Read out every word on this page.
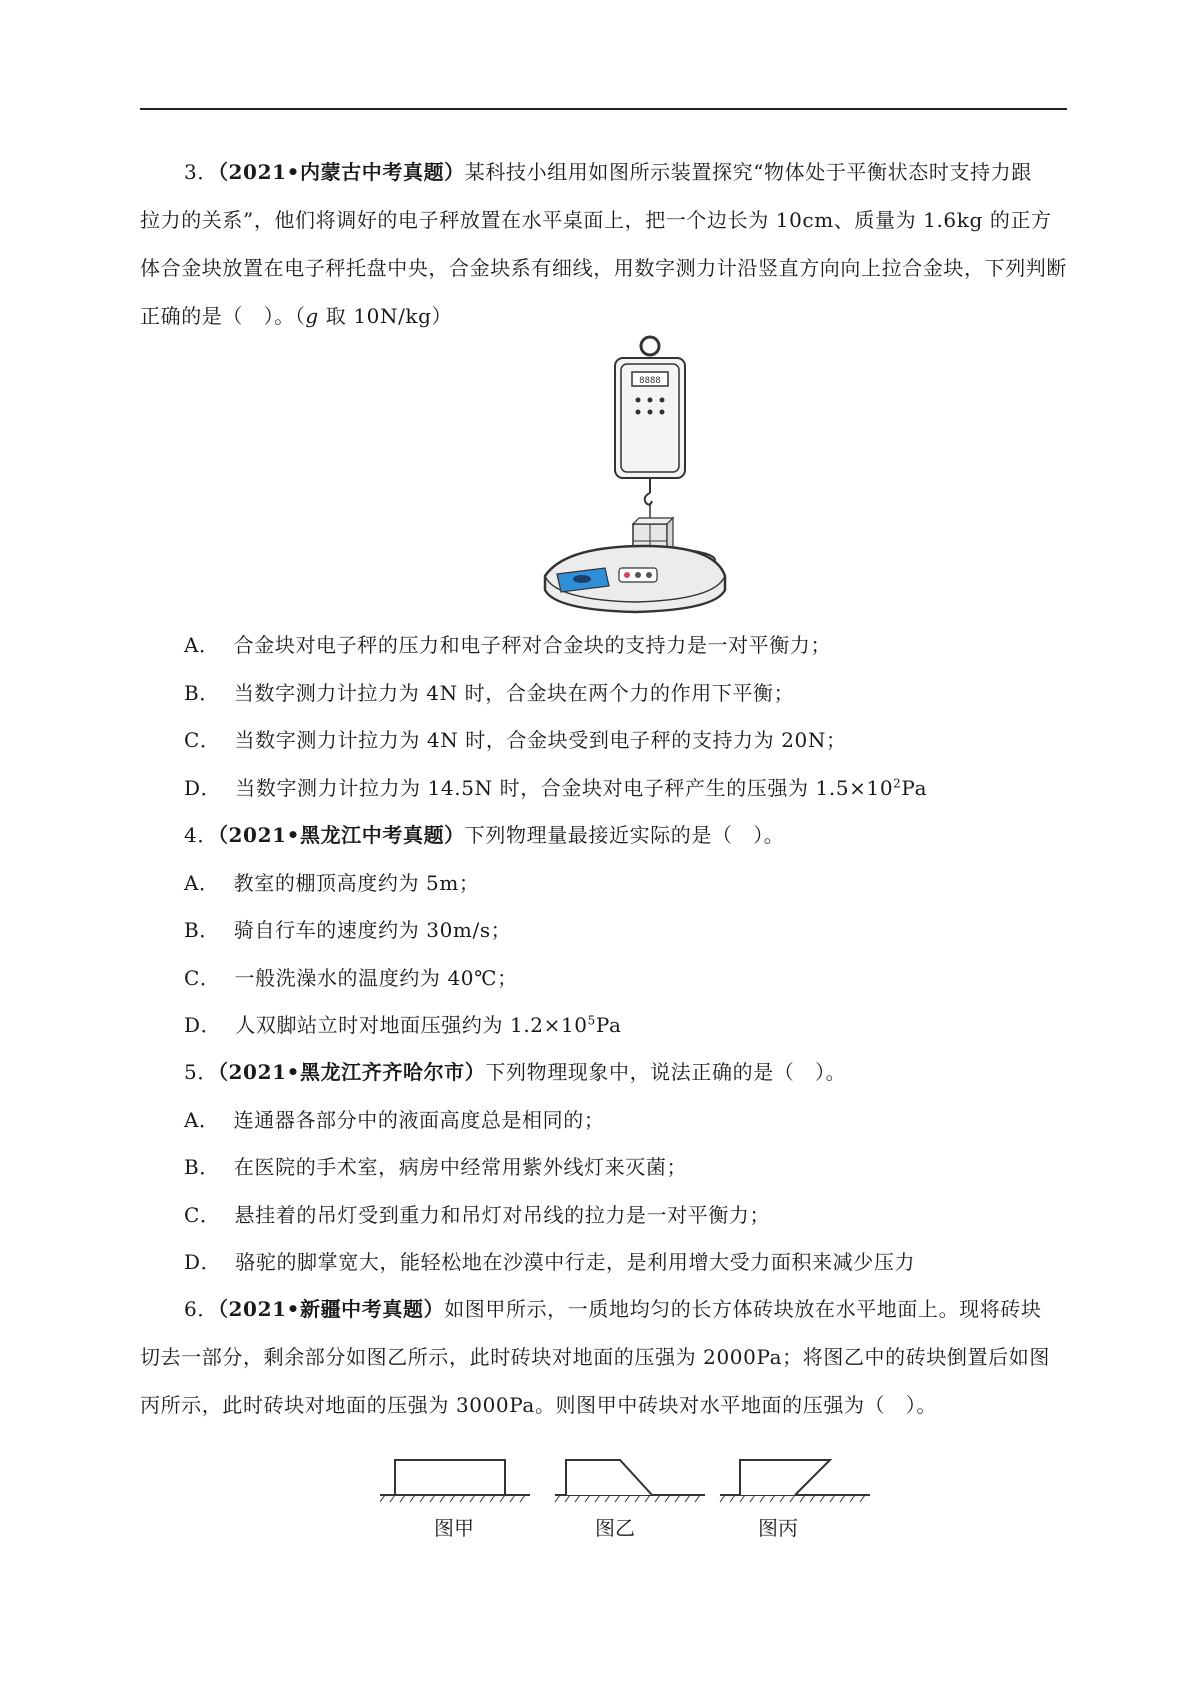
3．（2021•内蒙古中考真题）某科技小组用如图所示装置探究“物体处于平衡状态时支持力跟
拉力的关系”，他们将调好的电子秤放置在水平桌面上，把一个边长为 10cm、质量为 1.6kg 的正方体合金块放置在电子秤托盘中央，合金块系有细线，用数字测力计沿竖直方向向上拉合金块，下列判断正确的是（　）。（g 取 10N/kg）
8888
A． 合金块对电子秤的压力和电子秤对合金块的支持力是一对平衡力；
B． 当数字测力计拉力为 4N 时，合金块在两个力的作用下平衡；
C． 当数字测力计拉力为 4N 时，合金块受到电子秤的支持力为 20N；
D． 当数字测力计拉力为 14.5N 时，合金块对电子秤产生的压强为 $1.5\times 10^2Pa$
4．（2021•黑龙江中考真题）下列物理量最接近实际的是（　）。
A． 教室的棚顶高度约为 5m；
B． 骑自行车的速度约为 30m/s；
C． 一般洗澡水的温度约为 40℃；
D． 人双脚站立时对地面压强约为 $1.2\times 10^5Pa$
5．（2021•黑龙江齐齐哈尔市）下列物理现象中，说法正确的是（　）。
A． 连通器各部分中的液面高度总是相同的；
B． 在医院的手术室，病房中经常用紫外线灯来灭菌；
C． 悬挂着的吊灯受到重力和吊灯对吊线的拉力是一对平衡力；
D． 骆驼的脚掌宽大，能轻松地在沙漠中行走，是利用增大受力面积来减少压力
6．（2021•新疆中考真题）如图甲所示，一质地均匀的长方体砖块放在水平地面上。现将砖块
切去一部分，剩余部分如图乙所示，此时砖块对地面的压强为 2000Pa；将图乙中的砖块倒置后如图丙所示，此时砖块对地面的压强为 3000Pa。则图甲中砖块对水平地面的压强为（　）。
图甲	图乙	图丙
